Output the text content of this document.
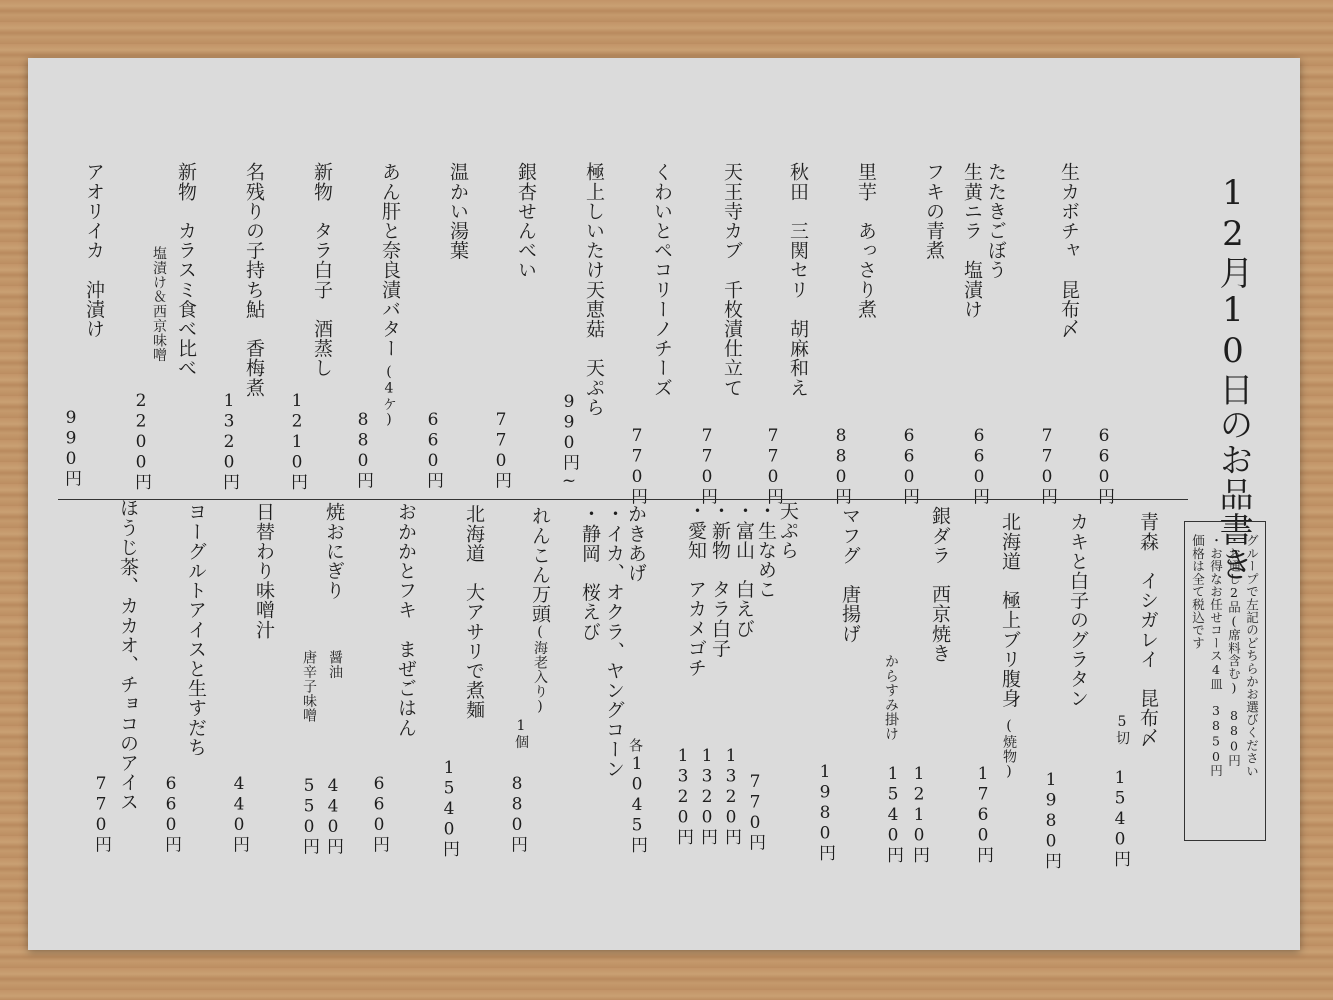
12月10日のお品書き
たたきごぼう
660円
生カボチャ　昆布〆
770円
生黄ニラ　塩漬け
660円
フキの青煮
660円
里芋　あっさり煮
880円
秋田　三関セリ　胡麻和え
770円
天王寺カブ　千枚漬仕立て
770円
くわいとペコリーノチーズ
770円
極上しいたけ天恵菇　天ぷら
990円~
銀杏せんべい
770円
温かい湯葉
660円
あん肝と奈良漬バター
(4ケ)
880円
新物　タラ白子　酒蒸し
1210円
名残りの子持ち鮎　香梅煮
1320円
新物　カラスミ食べ比べ
塩漬け＆西京味噌
2200円
アオリイカ　沖漬け
990円
青森　イシガレイ　昆布〆
5切
1540円
カキと白子のグラタン
1980円
北海道　極上ブリ腹身
(焼物)
1760円
銀ダラ　西京焼き
からすみ掛け
1210円
1540円
マフグ　唐揚げ
1980円
天ぷら
・生なめこ
770円
・富山　白えび
1320円
・新物　タラ白子
1320円
・愛知　アカメゴチ
1320円
かきあげ
・イカ、オクラ、ヤングコーン
・静岡　桜えび
各
1045円
れんこん万頭
(海老入り)
1個
880円
北海道　大アサリで煮麺
1540円
おかかとフキ　まぜごはん
660円
焼おにぎり
醤油
唐辛子味噌
440円
550円
日替わり味噌汁
440円
ヨーグルトアイスと生すだち
660円
ほうじ茶、カカオ、チョコのアイス
770円
グループで左記のどちらかお選びください
・お通し2品(席料含む)　880円
・お得なお任せコース4皿　3850円
価格は全て税込です
